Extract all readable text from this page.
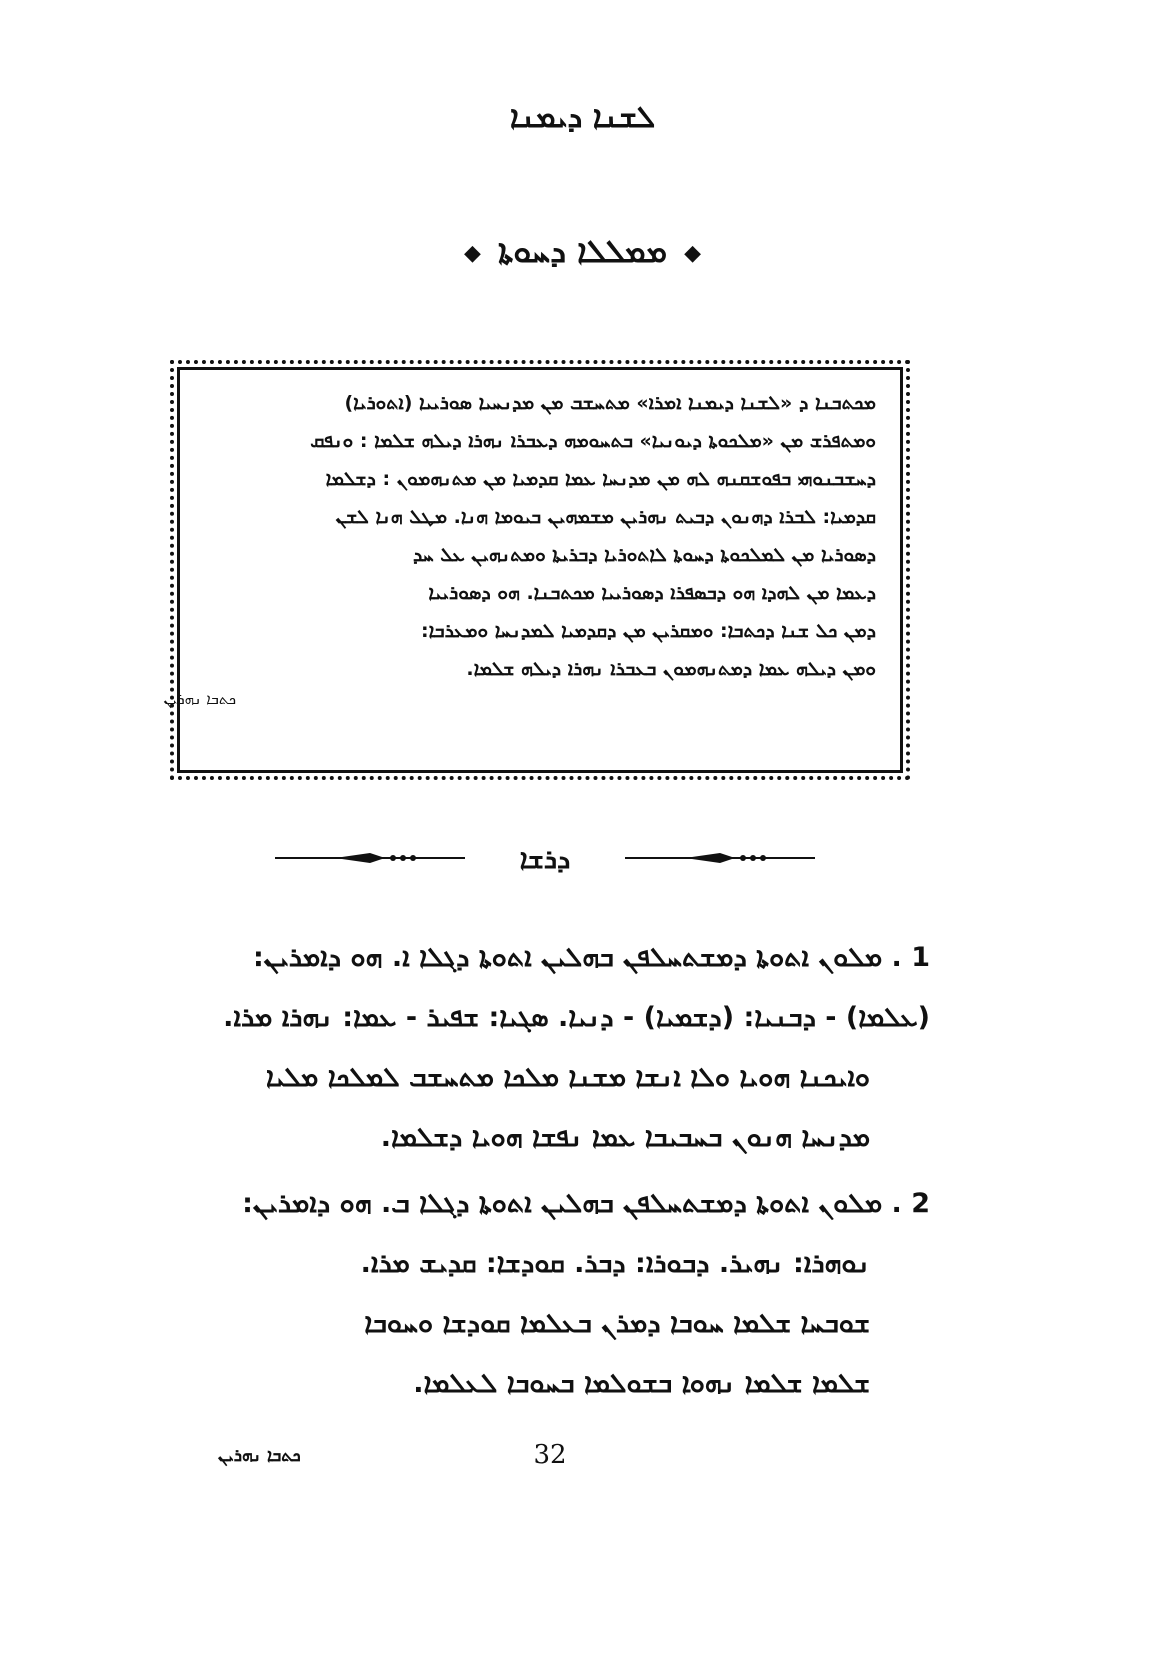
ܠܫܢܐ ܕܝܡܢܐ
◆ ܡܡܠܠܐ ܕܚܘܬܐ ◆
ܡܟܬܒܢܐ ܕ «ܠܫܢܐ ܕܝܡܢܐ ܐܡܪܐ» ܡܬܚܫܒ ܡܢ ܡܕܢܚܝܐ ܣܘܪܝܝܐ (ܐܬܘܪܝܐ)
ܘܡܬܦܪܫ ܡܢ «ܡܠܟܘܬܐ ܕܝܘܢܝܐ» ܒܬܚܘܡܗ ܕܥܒܪܐ ܢܗܪܐ ܕܝܠܗ ܫܠܡܐ : ܘܢܦܩ
ܕܚܫܒܢܘܗܝ ܒܦܘܫܩܢܗ ܠܗ ܡܢ ܡܕܢܚܐ ܥܡܐ ܩܕܡܝܐ ܡܢ ܡܬܢܗܡܘܢ : ܕܫܠܡܐ
ܩܕܡܝܐ: ܠܒܪܐ ܕܗܢܘܢ ܕܒܝܬ ܢܗܪܝܢ ܡܫܡܗܝܢ ܒܝܘܡܐ ܗܢܐ. ܡܛܠ ܗܢܐ ܠܫܢ
ܕܣܘܪܝܐ ܡܢ ܠܡܠܟܘܬܐ ܕܚܘܬܐ ܠܐܬܘܪܝܐ ܕܒܪܝܬܐ ܘܡܬܢܗܝܢ ܥܠ ܚܕ
ܕܥܡܐ ܡܢ ܠܗܕܐ ܗܘ ܕܒܣܦܪܐ ܕܣܘܪܝܝܐ ܡܟܬܒܢܐ. ܗܘ ܕܣܘܪܝܝܐ
ܕܡܢ ܟܠ ܫܢܐ ܕܟܬܒܐ: ܘܡܩܪܝܢ ܡܢ ܕܩܕܡܝܐ ܠܡܕܢܚܐ ܘܡܥܪܒܐ:
ܘܡܢ ܕܝܠܗ ܥܡܐ ܕܡܬܢܗܡܘܢ ܒܥܒܪܐ ܢܗܪܐ ܕܝܠܗ ܫܠܡܐ.
ܟܬܒܐ ܢܗܪܝܢ
ܕܪܫܐ
1 . ܡܠܘܢ ܐܬܘܬܐ ܕܡܫܬܚܠܦܢ ܒܗܠܝܢ ܐܬܘܬܐ ܕܓܠܐ ܐ. ܗܘ ܕܐܡܪܝܢ:
(ܥܠܡܐ) - ܕܒܢܝܐ: (ܕܫܡܝܐ) - ܕܢܝܐ. ܣܓܝܐ: ܫܦܝܪ - ܥܡܐ: ܢܗܪܐ ܡܪܐ.
ܘܐܝܟܢܐ ܗܘܝܐ ܘܠܐ ܐܢܫܐ ܡܫܢܐ ܡܠܟܐ ܡܬܚܫܒ ܠܡܠܟܐ ܡܠܝܐ
ܡܕܢܚܐ ܗܢܘܢ ܒܚܒܝܒܐ ܥܡܐ ܢܦܫܐ ܗܘܝܐ ܕܫܠܡܐ.
2 . ܡܠܘܢ ܐܬܘܬܐ ܕܡܫܬܚܠܦܢ ܒܗܠܝܢ ܐܬܘܬܐ ܕܓܠܐ ܒ. ܗܘ ܕܐܡܪܝܢ:
ܢܘܗܪܐ: ܢܗܝܪ. ܕܒܘܪܐ: ܕܒܪ. ܩܘܕܫܐ: ܩܕܝܫ ܡܪܐ.
ܫܘܒܚܐ ܫܠܡܐ ܚܘܒܐ ܕܡܪܢ ܒܥܠܡܐ ܩܘܕܫܐ ܘܚܘܒܐ
ܫܠܡܐ ܫܠܡܐ ܢܗܘܐ ܒܫܘܠܡܐ ܒܚܘܒܐ ܠܥܠܡܐ.
ܟܬܒܐ ܢܗܪܝܢ	32
